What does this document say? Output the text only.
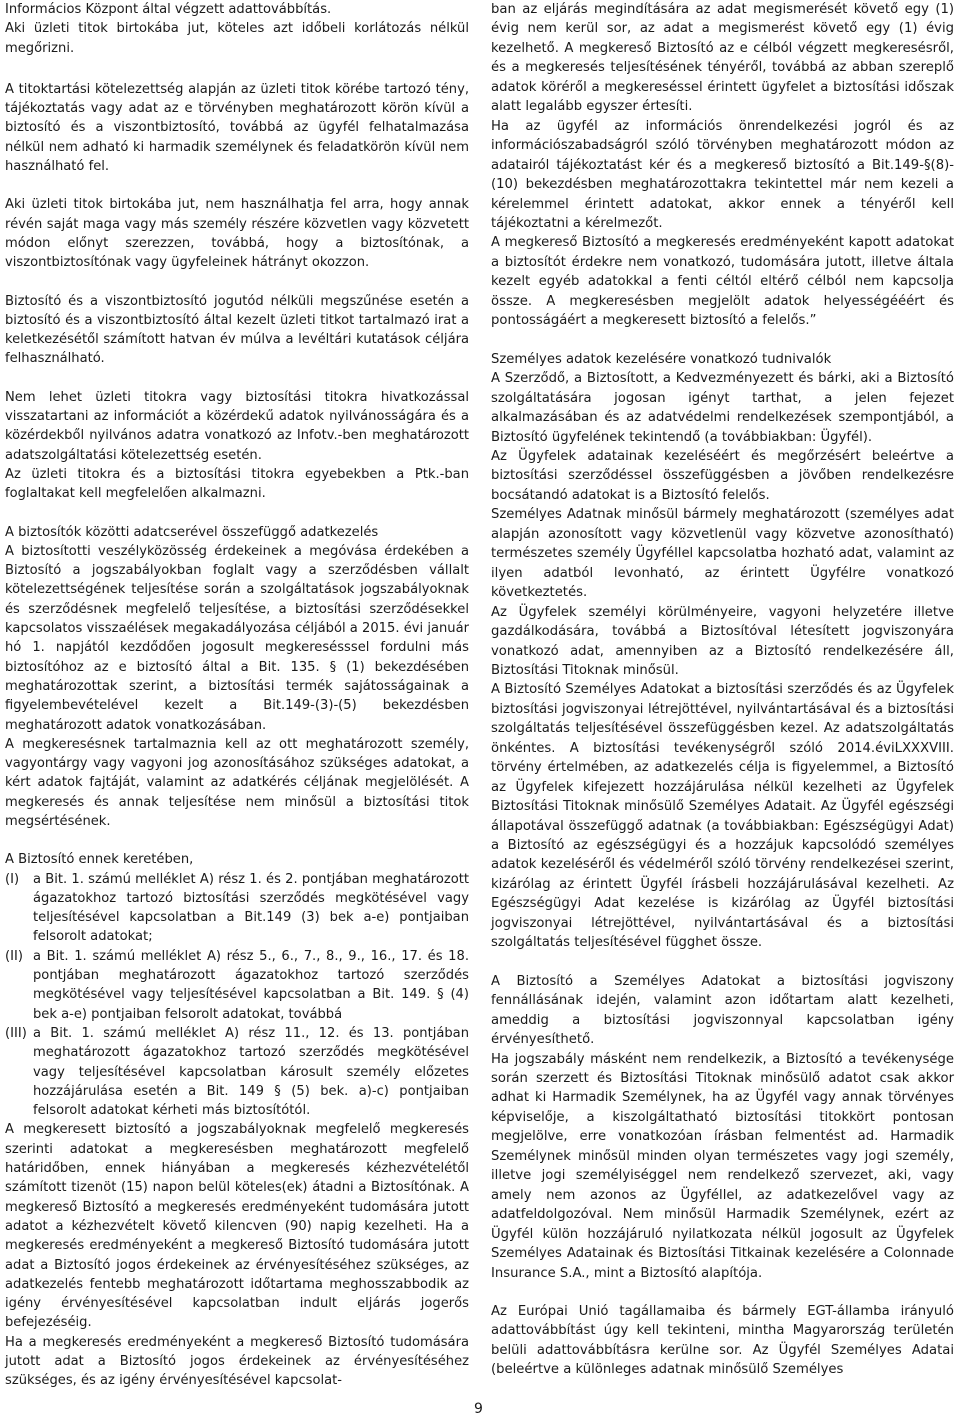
Informácios Központ által végzett adattovábbítás.

Aki üzleti titok birtokába jut, köteles azt időbeli korlátozás nélkül megőrizni.

A titoktartási kötelezettség alapján az üzleti titok körébe tartozó tény, tájékoztatás vagy adat az e törvényben meghatározott körön kívül a biztosító és a viszontbiztosító, továbbá az ügyfél felhatalmazása nélkül nem adható ki harmadik személynek és feladatkörön kívül nem használható fel.

Aki üzleti titok birtokába jut, nem használhatja fel arra, hogy annak révén saját maga vagy más személy részére közvetlen vagy közvetett módon előnyt szerezzen, továbbá, hogy a biztosítónak, a viszontbiztosítónak vagy ügyfeleinek hátrányt okozzon.

Biztosító és a viszontbiztosító jogutód nélküli megszűnése esetén a biztosító és a viszontbiztosító által kezelt üzleti titkot tartalmazó irat a keletkezésétől számított hatvan év múlva a levéltári kutatások céljára felhasználható.

Nem lehet üzleti titokra vagy biztosítási titokra hivatkozással visszatartani az információt a közérdekű adatok nyilvánosságára és a közérdekből nyilvános adatra vonatkozó az Infotv.-ben meghatározott adatszolgáltatási kötelezettség esetén.

Az üzleti titokra és a biztosítási titokra egyebekben a Ptk.-ban foglaltakat kell megfelelően alkalmazni.

A biztosítók közötti adatcserével összefüggő adatkezelés

A biztosítotti veszélyközösség érdekeinek a megóvása érdekében a Biztosító a jogszabályokban foglalt vagy a szerződésben vállalt kötelezettségének teljesítése során a szolgáltatások jogszabályoknak és szerződésnek megfelelő teljesítése, a biztosítási szerződésekkel kapcsolatos visszaélések megakadályozása céljából a 2015. évi január hó 1. napjától kezdődően jogosult megkeresésssel fordulni más biztosítóhoz az e biztosító által a Bit. 135. § (1) bekezdésében meghatározottak szerint, a biztosítási termék sajátosságainak a figyelembevételével kezelt a Bit.149-(3)-(5) bekezdésben meghatározott adatok vonatkozásában.

A megkeresésnek tartalmaznia kell az ott meghatározott személy, vagyontárgy vagy vagyoni jog azonosításához szükséges adatokat, a kért adatok fajtáját, valamint az adatkérés céljának megjelölését. A megkeresés és annak teljesítése nem minősül a biztosítási titok megsértésének.

A Biztosító ennek keretében,

(I)	a Bit. 1. számú melléklet A) rész 1. és 2. pontjában meghatározott ágazatokhoz tartozó biztosítási szerződés megkötésével vagy teljesítésével kapcsolatban a Bit.149 (3) bek a-e) pontjaiban felsorolt adatokat;
(II) a Bit. 1. számú melléklet A) rész 5., 6., 7., 8., 9., 16., 17. és 18. pontjában meghatározott ágazatokhoz tartozó szerződés megkötésével vagy teljesítésével kapcsolatban a Bit. 149. § (4) bek a-e) pontjaiban felsorolt adatokat, továbbá
(III) a Bit. 1. számú melléklet A) rész 11., 12. és 13. pontjában meghatározott ágazatokhoz tartozó szerződés megkötésével vagy teljesítésével kapcsolatban károsult személy előzetes hozzájárulása esetén a Bit. 149 § (5) bek. a)-c) pontjaiban felsorolt adatokat kérheti más biztosítótól.

A megkeresett biztosító a jogszabályoknak megfelelő megkeresés szerinti adatokat a megkeresésben meghatározott megfelelő határidőben, ennek hiányában a megkeresés kézhezvételétől számított tizenöt (15) napon belül köteles(ek) átadni a Biztosítónak. A megkereső Biztosító a megkeresés eredményeként tudomására jutott adatot a kézhezvételt követő kilencven (90) napig kezelheti. Ha a megkeresés eredményeként a megkereső Biztosító tudomására jutott adat a Biztosító jogos érdekeinek az érvényesítéséhez szükséges, az adatkezelés fentebb meghatározott időtartama meghosszabbodik az igény érvényesítésével kapcsolatban indult eljárás jogerős befejezéséig.

Ha a megkeresés eredményeként a megkereső Biztosító tudomására jutott adat a Biztosító jogos érdekeinek az érvényesítéséhez szükséges, és az igény érvényesítésével kapcsolat-

ban az eljárás megindítására az adat megismerését követő egy (1) évig nem kerül sor, az adat a megismerést követő egy (1) évig kezelhető. A megkereső Biztosító az e célból végzett megkeresésről, és a megkeresés teljesítésének tényéről, továbbá az abban szereplő adatok köréről a megkereséssel érintett ügyfelet a biztosítási időszak alatt legalább egyszer értesíti.

Ha az ügyfél az információs önrendelkezési jogról és az információszabadságról szóló törvényben meghatározott módon az adatairól tájékoztatást kér és a megkereső biztosító a Bit.149-§(8)-(10) bekezdésben meghatározottakra tekintettel már nem kezeli a kérelemmel érintett adatokat, akkor ennek a tényéről kell tájékoztatni a kérelmezőt.

A megkereső Biztosító a megkeresés eredményeként kapott adatokat a biztosítót érdekre nem vonatkozó, tudomására jutott, illetve általa kezelt egyéb adatokkal a fenti céltól eltérő célból nem kapcsolja össze. A megkeresésben megjelölt adatok helyességééért és pontosságáért a megkeresett biztosító a felelős.”

Személyes adatok kezelésére vonatkozó tudnivalók

A Szerződő, a Biztosított, a Kedvezményezett és bárki, aki a Biztosító szolgáltatására jogosan igényt tarthat, a jelen fejezet alkalmazásában és az adatvédelmi rendelkezések szempontjából, a Biztosító ügyfelének tekintendő (a továbbiakban: Ügyfél).

Az Ügyfelek adatainak kezeléséért és megőrzésért beleértve a biztosítási szerződéssel összefüggésben a jövőben rendelkezésre bocsátandó adatokat is a Biztosító felelős.

Személyes Adatnak minősül bármely meghatározott (személyes adat alapján azonosított vagy közvetlenül vagy közvetve azonosítható) természetes személy Ügyféllel kapcsolatba hozható adat, valamint az ilyen adatból levonható, az érintett Ügyfélre vonatkozó következtetés.

Az Ügyfelek személyi körülményeire, vagyoni helyzetére illetve gazdálkodására, továbbá a Biztosítóval létesített jogviszonyára vonatkozó adat, amennyiben az a Biztosító rendelkezésére áll, Biztosítási Titoknak minősül.

A Biztosító Személyes Adatokat a biztosítási szerződés és az Ügyfelek biztosítási jogviszonyai létrejöttével, nyilvántartásával és a biztosítási szolgáltatás teljesítésével összefüggésben kezel. Az adatszolgáltatás önkéntes. A biztosítási tevékenységről szóló 2014.éviLXXXVIII. törvény értelmében, az adatkezelés célja is figyelemmel, a Biztosító az Ügyfelek kifejezett hozzájárulása nélkül kezelheti az Ügyfelek Biztosítási Titoknak minősülő Személyes Adatait. Az Ügyfél egészségi állapotával összefüggő adatnak (a továbbiakban: Egészségügyi Adat) a Biztosító az egészségügyi és a hozzájuk kapcsolódó személyes adatok kezeléséről és védelméről szóló törvény rendelkezései szerint, kizárólag az érintett Ügyfél írásbeli hozzájárulásával kezelheti. Az Egészségügyi Adat kezelése is kizárólag az Ügyfél biztosítási jogviszonyai létrejöttével, nyilvántartásával és a biztosítási szolgáltatás teljesítésével függhet össze.

A Biztosító a Személyes Adatokat a biztosítási jogviszony fennállásának idején, valamint azon időtartam alatt kezelheti, ameddig a biztosítási jogviszonnyal kapcsolatban igény érvényesíthető.

Ha jogszabály másként nem rendelkezik, a Biztosító a tevékenysége során szerzett és Biztosítási Titoknak minősülő adatot csak akkor adhat ki Harmadik Személynek, ha az Ügyfél vagy annak törvényes képviselője, a kiszolgáltatható biztosítási titokkört pontosan megjelölve, erre vonatkozóan írásban felmentést ad. Harmadik Személynek minősül minden olyan természetes vagy jogi személy, illetve jogi személyiséggel nem rendelkező szervezet, aki, vagy amely nem azonos az Ügyféllel, az adatkezelővel vagy az adatfeldolgozóval. Nem minősül Harmadik Személynek, ezért az Ügyfél külön hozzájáruló nyilatkozata nélkül jogosult az Ügyfelek Személyes Adatainak és Biztosítási Titkainak kezelésére a Colonnade Insurance S.A., mint a Biztosító alapítója.

Az Európai Unió tagállamaiba és bármely EGT-államba irányuló adattovábbítást úgy kell tekinteni, mintha Magyarország területén belüli adattovábbításra kerülne sor. Az Ügyfél Személyes Adatai (beleértve a különleges adatnak minősülő Személyes

9
